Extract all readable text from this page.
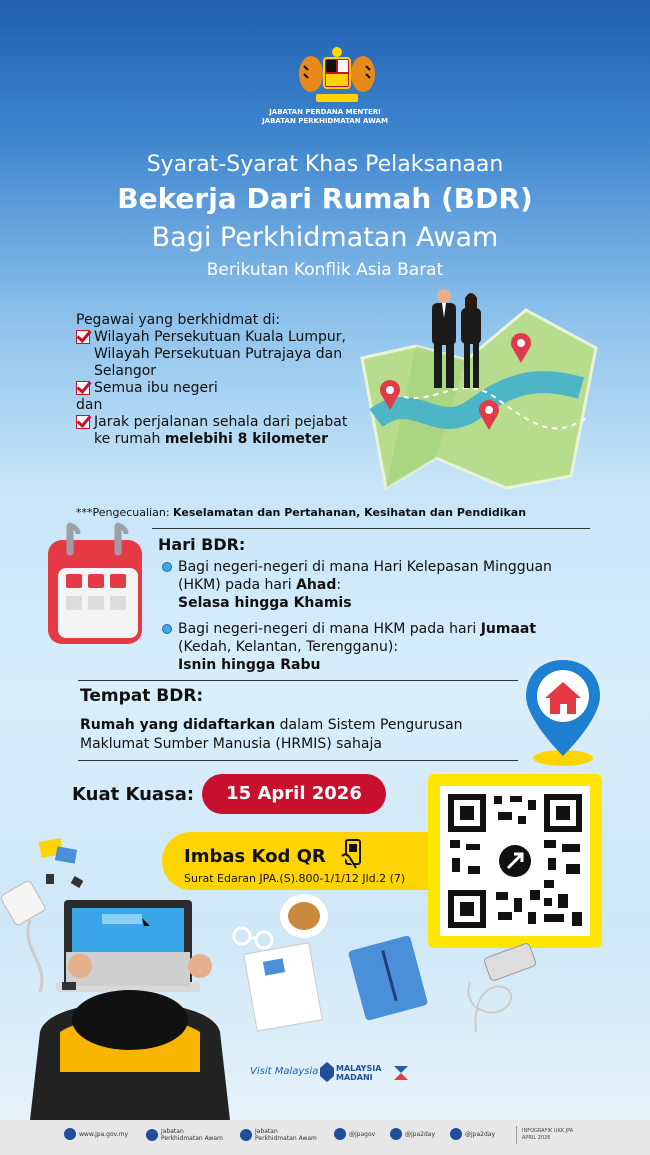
JABATAN PERDANA MENTERI
JABATAN PERKHIDMATAN AWAM
Syarat-Syarat Khas Pelaksanaan
Bekerja Dari Rumah (BDR)
Bagi Perkhidmatan Awam
Berikutan Konflik Asia Barat
Pegawai yang berkhidmat di:
Wilayah Persekutuan Kuala Lumpur,
Wilayah Persekutuan Putrajaya dan
Selangor
Semua ibu negeri
dan
Jarak perjalanan sehala dari pejabat
ke rumah melebihi 8 kilometer
***Pengecualian: Keselamatan dan Pertahanan, Kesihatan dan Pendidikan
Hari BDR:
Bagi negeri-negeri di mana Hari Kelepasan Mingguan
(HKM) pada hari Ahad:
Selasa hingga Khamis
Bagi negeri-negeri di mana HKM pada hari Jumaat
(Kedah, Kelantan, Terengganu):
Isnin hingga Rabu
Tempat BDR:
Rumah yang didaftarkan dalam Sistem Pengurusan
Maklumat Sumber Manusia (HRMIS) sahaja
Kuat Kuasa:	15 April 2026
Imbas Kod QR
Surat Edaran JPA.(S).800-1/1/12 Jld.2 (7)
Visit Malaysia MALAYSIA
MADANI
www.jpa.gov.my	Jabatan
Perkhidmatan Awam
Jabatan
Perkhidmatan Awam
@jpagov	@jpa2day	@jpa2day	INFOGRAFIK UKK JPA
APRIL 2026
